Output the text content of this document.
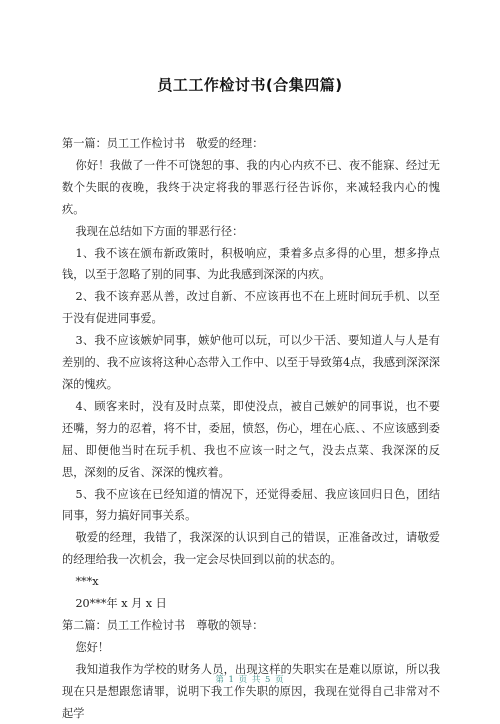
员工工作检讨书(合集四篇)

第一篇：员工工作检讨书　敬爱的经理：

你好！我做了一件不可饶恕的事、我的内心内疚不已、夜不能寐、经过无数个失眠的夜晚，我终于决定将我的罪恶行径告诉你，来减轻我内心的愧疚。

我现在总结如下方面的罪恶行径：

1、我不该在颁布新政策时，积极响应，秉着多点多得的心里，想多挣点钱，以至于忽略了别的同事、为此我感到深深的内疚。

2、我不该弃恶从善，改过自新、不应该再也不在上班时间玩手机、以至于没有促进同事爱。

3、我不应该嫉妒同事，嫉妒他可以玩，可以少干活、要知道人与人是有差别的、我不应该将这种心态带入工作中、以至于导致第4点，我感到深深深深的愧疚。

4、顾客来时，没有及时点菜，即使没点，被自己嫉妒的同事说，也不要还嘴，努力的忍着，将不甘，委屈，愤怒，伤心，埋在心底、、不应该感到委屈、即便他当时在玩手机、我也不应该一时之气，没去点菜、我深深的反思，深刻的反省、深深的愧疚着。

5、我不应该在已经知道的情况下，还觉得委屈、我应该回归日色，团结同事，努力搞好同事关系。

敬爱的经理，我错了，我深深的认识到自己的错误，正准备改过，请敬爱的经理给我一次机会，我一定会尽快回到以前的状态的。

***x

20***年 x 月 x 日

第二篇：员工工作检讨书　尊敬的领导：

您好！

我知道我作为学校的财务人员，出现这样的失职实在是难以原谅，所以我现在只是想跟您请罪，说明下我工作失职的原因，我现在觉得自己非常对不起学

第 1 页 共 5 页
